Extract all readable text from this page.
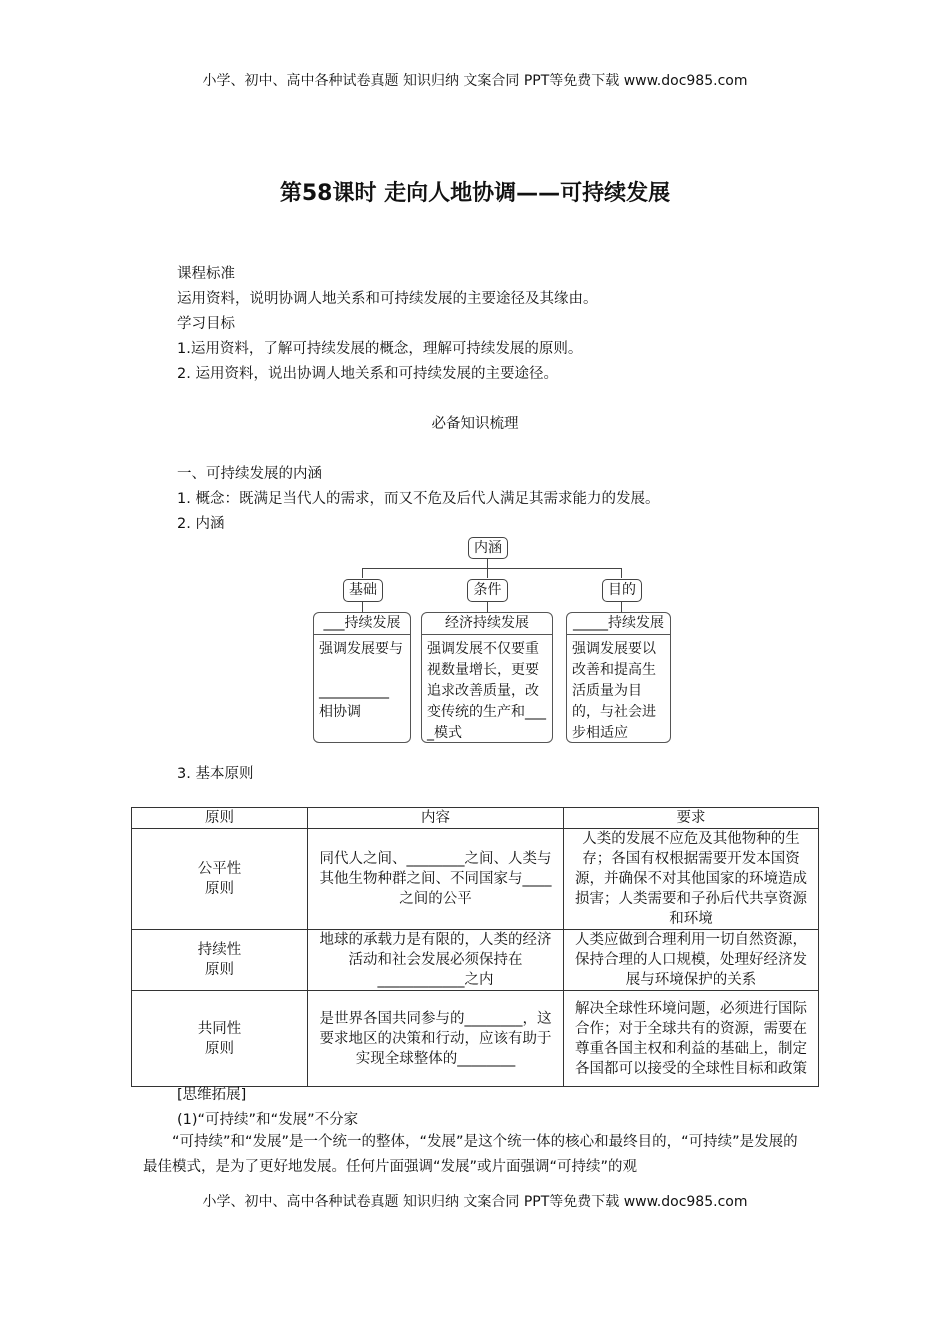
小学、初中、高中各种试卷真题 知识归纳 文案合同 PPT等免费下载 www.doc985.com
第58课时 走向人地协调——可持续发展
课程标准
运用资料，说明协调人地关系和可持续发展的主要途径及其缘由。
学习目标
1.运用资料，了解可持续发展的概念，理解可持续发展的原则。
2. 运用资料，说出协调人地关系和可持续发展的主要途径。
必备知识梳理
一、可持续发展的内涵
1. 概念：既满足当代人的需求，而又不危及后代人满足其需求能力的发展。
2. 内涵
内涵
基础	条件	目的
___持续发展
强调发展要与

__________
相协调
经济持续发展
强调发展不仅要重视数量增长，更要追求改善质量，改变传统的生产和____模式
_____持续发展
强调发展要以改善和提高生活质量为目的，与社会进步相适应
3. 基本原则
原则	内容	要求
公平性
原则	同代人之间、________之间、人类与其他生物种群之间、不同国家与____之间的公平	人类的发展不应危及其他物种的生存；各国有权根据需要开发本国资源，并确保不对其他国家的环境造成损害；人类需要和子孙后代共享资源和环境
持续性
原则	地球的承载力是有限的，人类的经济活动和社会发展必须保持在____________之内	人类应做到合理利用一切自然资源，保持合理的人口规模，处理好经济发展与环境保护的关系
共同性
原则	是世界各国共同参与的________，这要求地区的决策和行动，应该有助于实现全球整体的________	解决全球性环境问题，必须进行国际合作；对于全球共有的资源，需要在尊重各国主权和利益的基础上，制定各国都可以接受的全球性目标和政策
[思维拓展]
(1)“可持续”和“发展”不分家
“可持续”和“发展”是一个统一的整体，“发展”是这个统一体的核心和最终目的，“可持续”是发展的最佳模式，是为了更好地发展。任何片面强调“发展”或片面强调“可持续”的观
小学、初中、高中各种试卷真题 知识归纳 文案合同 PPT等免费下载 www.doc985.com
